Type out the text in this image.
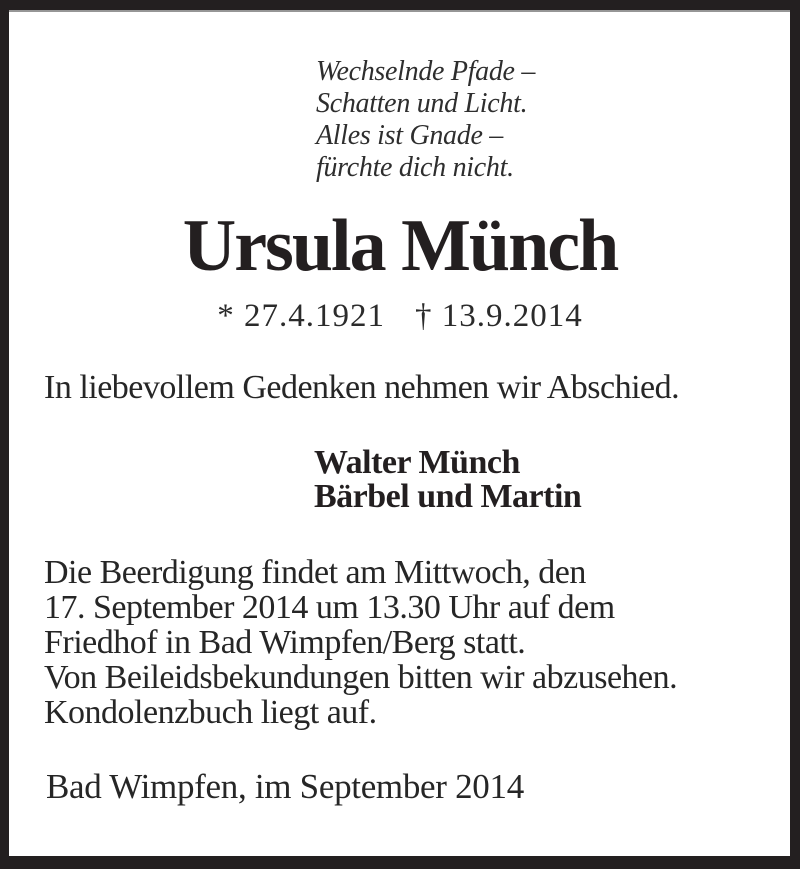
Wechselnde Pfade –
Schatten und Licht.
Alles ist Gnade –
fürchte dich nicht.
Ursula Münch
* 27.4.1921 † 13.9.2014
In liebevollem Gedenken nehmen wir Abschied.
Walter Münch
Bärbel und Martin
Die Beerdigung findet am Mittwoch, den
17. September 2014 um 13.30 Uhr auf dem
Friedhof in Bad Wimpfen/Berg statt.
Von Beileidsbekundungen bitten wir abzusehen.
Kondolenzbuch liegt auf.
Bad Wimpfen, im September 2014
